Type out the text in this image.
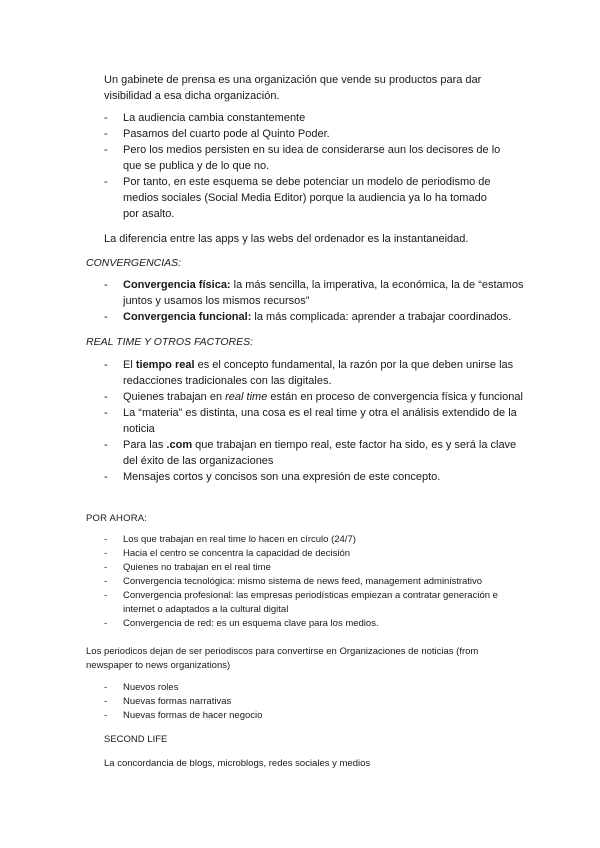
Un gabinete de prensa es una organización que vende su productos para dar visibilidad a esa dicha organización.

- La audiencia cambia constantemente
- Pasamos del cuarto pode al Quinto Poder.
- Pero los medios persisten en su idea de considerarse aun los decisores de lo que se publica y de lo que no.
- Por tanto, en este esquema se debe potenciar un modelo de periodismo de medios sociales (Social Media Editor) porque la audiencia ya lo ha tomado por asalto.

La diferencia entre las apps y las webs del ordenador es la instantaneidad.

CONVERGENCIAS:

- Convergencia física: la más sencilla, la imperativa, la económica, la de “estamos juntos y usamos los mismos recursos”
- Convergencia funcional: la más complicada: aprender a trabajar coordinados.

REAL TIME Y OTROS FACTORES:

- El tiempo real es el concepto fundamental, la razón por la que deben unirse las redacciones tradicionales con las digitales.
- Quienes trabajan en real time están en proceso de convergencia física y funcional
- La “materia” es distinta, una cosa es el real time y otra el análisis extendido de la noticia
- Para las .com que trabajan en tiempo real, este factor ha sido, es y será la clave del éxito de las organizaciones
- Mensajes cortos y concisos son una expresión de este concepto.

POR AHORA:

- Los que trabajan en real time lo hacen en círculo (24/7)
- Hacia el centro se concentra la capacidad de decisión
- Quienes no trabajan en el real time
- Convergencia tecnológica: mismo sistema de news feed, management administrativo
- Convergencia profesional: las empresas periodísticas empiezan a contratar generación e internet o adaptados a la cultural digital
- Convergencia de red: es un esquema clave para los medios.

Los periodicos dejan de ser periodiscos para convertirse en Organizaciones de noticias (from newspaper to news organizations)

- Nuevos roles
- Nuevas formas narrativas
- Nuevas formas de hacer negocio

SECOND LIFE

La concordancia de blogs, microblogs, redes sociales y medios
